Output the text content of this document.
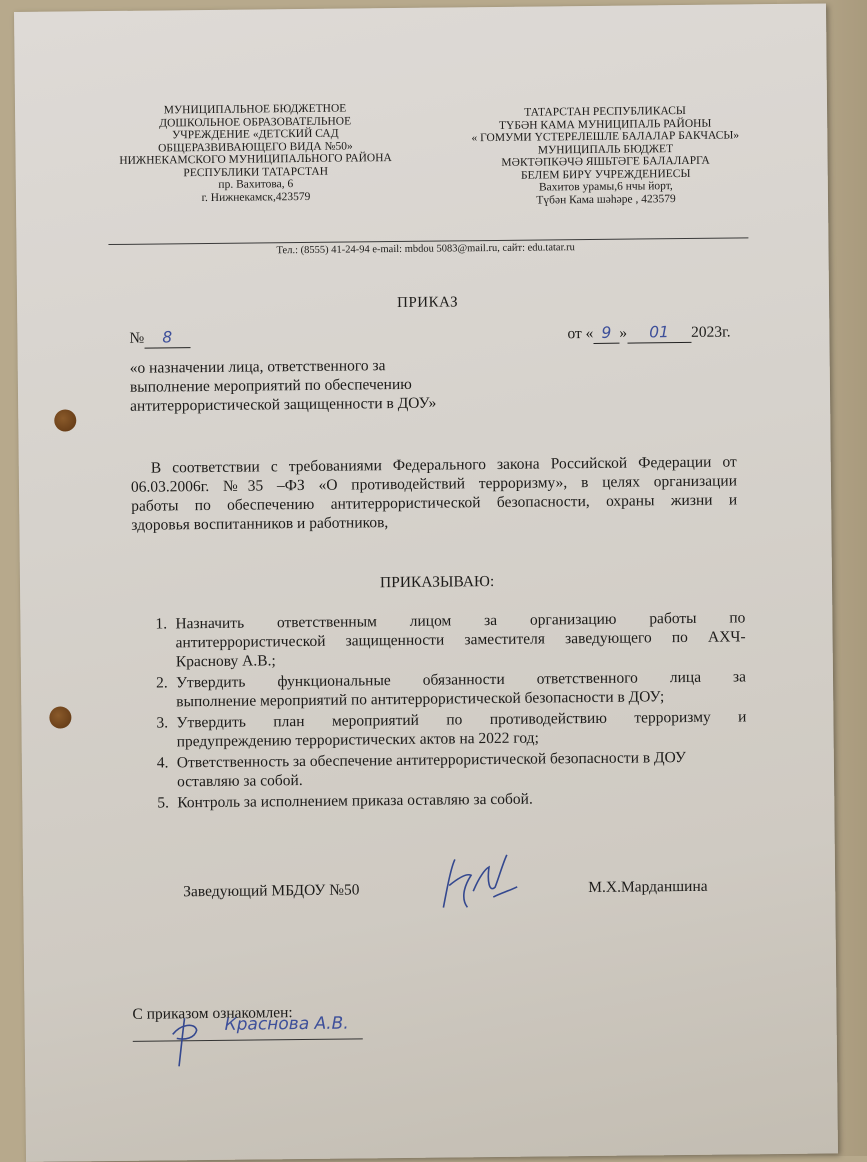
МУНИЦИПАЛЬНОЕ БЮДЖЕТНОЕ
ДОШКОЛЬНОЕ ОБРАЗОВАТЕЛЬНОЕ
УЧРЕЖДЕНИЕ «ДЕТСКИЙ САД
ОБЩЕРАЗВИВАЮЩЕГО ВИДА №50»
НИЖНЕКАМСКОГО МУНИЦИПАЛЬНОГО РАЙОНА
РЕСПУБЛИКИ ТАТАРСТАН
пр. Вахитова, 6
г. Нижнекамск,423579
ТАТАРСТАН РЕСПУБЛИКАСЫ
ТҮБӘН КАМА МУНИЦИПАЛЬ РАЙОНЫ
« ГОМУМИ ҮСТЕРЕЛЕШЛЕ БАЛАЛАР БАКЧАСЫ»
МУНИЦИПАЛЬ БЮДЖЕТ
МӘКТӘПКӘЧӘ ЯШЬТӘГЕ БАЛАЛАРГА
БЕЛЕМ БИРҮ УЧРЕЖДЕНИЕСЫ
Вахитов урамы,6 нчы йорт,
Түбән Кама шәһәре , 423579
Тел.: (8555) 41-24-94 e-mail: mbdou 5083@mail.ru, сайт: edu.tatar.ru
ПРИКАЗ
№ 8	от « 9 » 01 2023г.
«о назначении лица, ответственного за
выполнение мероприятий по обеспечению
антитеррористической защищенности в ДОУ»
В соответствии с требованиями Федерального закона Российской Федерации от
06.03.2006г. №35 –ФЗ «О противодействий терроризму», в целях организации
работы по обеспечению антитеррористической безопасности, охраны жизни и
здоровья воспитанников и работников,
ПРИКАЗЫВАЮ:
1. Назначить ответственным лицом за организацию работы по
антитеррористической защищенности заместителя заведующего по АХЧ-
Краснову А.В.;
2. Утвердить функциональные обязанности ответственного лица за
выполнение мероприятий по антитеррористической безопасности в ДОУ;
3. Утвердить план мероприятий по противодействию терроризму и
предупреждению террористических актов на 2022 год;
4. Ответственность за обеспечение антитеррористической безопасности в ДОУ
оставляю за собой.
5. Контроль за исполнением приказа оставляю за собой.
Заведующий МБДОУ №50	М.Х.Марданшина
С приказом ознакомлен:
Краснова А.В.
